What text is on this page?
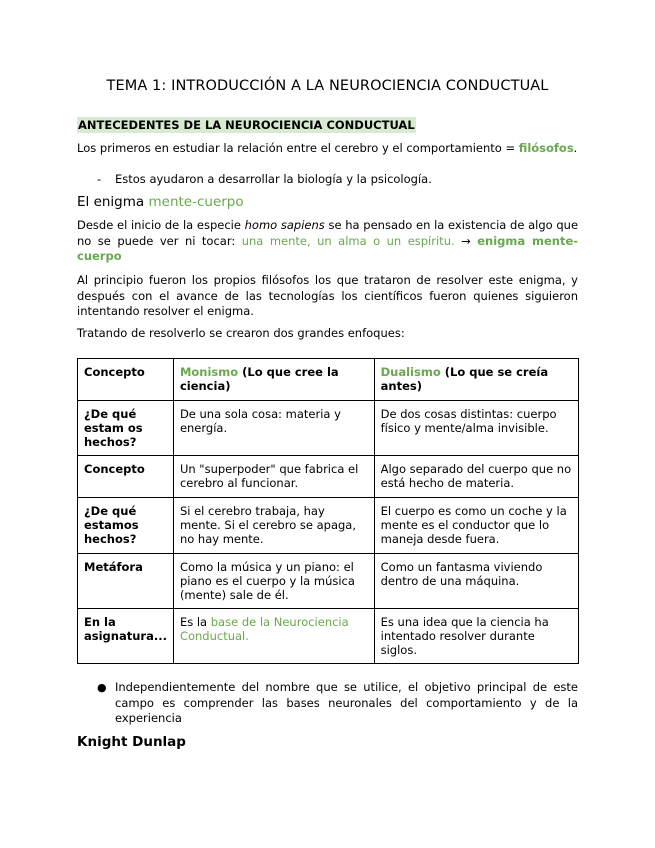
TEMA 1: INTRODUCCIÓN A LA NEUROCIENCIA CONDUCTUAL
ANTECEDENTES DE LA NEUROCIENCIA CONDUCTUAL

Los primeros en estudiar la relación entre el cerebro y el comportamiento = filósofos.

- Estos ayudaron a desarrollar la biología y la psicología.
El enigma mente-cuerpo

Desde el inicio de la especie homo sapiens se ha pensado en la existencia de algo que no se puede ver ni tocar: una mente, un alma o un espíritu. → enigma mente-cuerpo

Al principio fueron los propios filósofos los que trataron de resolver este enigma, y después con el avance de las tecnologías los científicos fueron quienes siguieron intentando resolver el enigma.

Tratando de resolverlo se crearon dos grandes enfoques:

Concepto	Monismo (Lo que cree la ciencia)	Dualismo (Lo que se creía antes)
¿De qué estam os hechos?	De una sola cosa: materia y energía.	De dos cosas distintas: cuerpo físico y mente/alma invisible.
Concepto	Un "superpoder" que fabrica el cerebro al funcionar.	Algo separado del cuerpo que no está hecho de materia.
¿De qué estamos hechos?	Si el cerebro trabaja, hay mente. Si el cerebro se apaga, no hay mente.	El cuerpo es como un coche y la mente es el conductor que lo maneja desde fuera.
Metáfora	Como la música y un piano: el piano es el cuerpo y la música (mente) sale de él.	Como un fantasma viviendo dentro de una máquina.
En la asignatura...	Es la base de la Neurociencia Conductual.	Es una idea que la ciencia ha intentado resolver durante siglos.
● Independientemente del nombre que se utilice, el objetivo principal de este campo es comprender las bases neuronales del comportamiento y de la experiencia
Knight Dunlap
